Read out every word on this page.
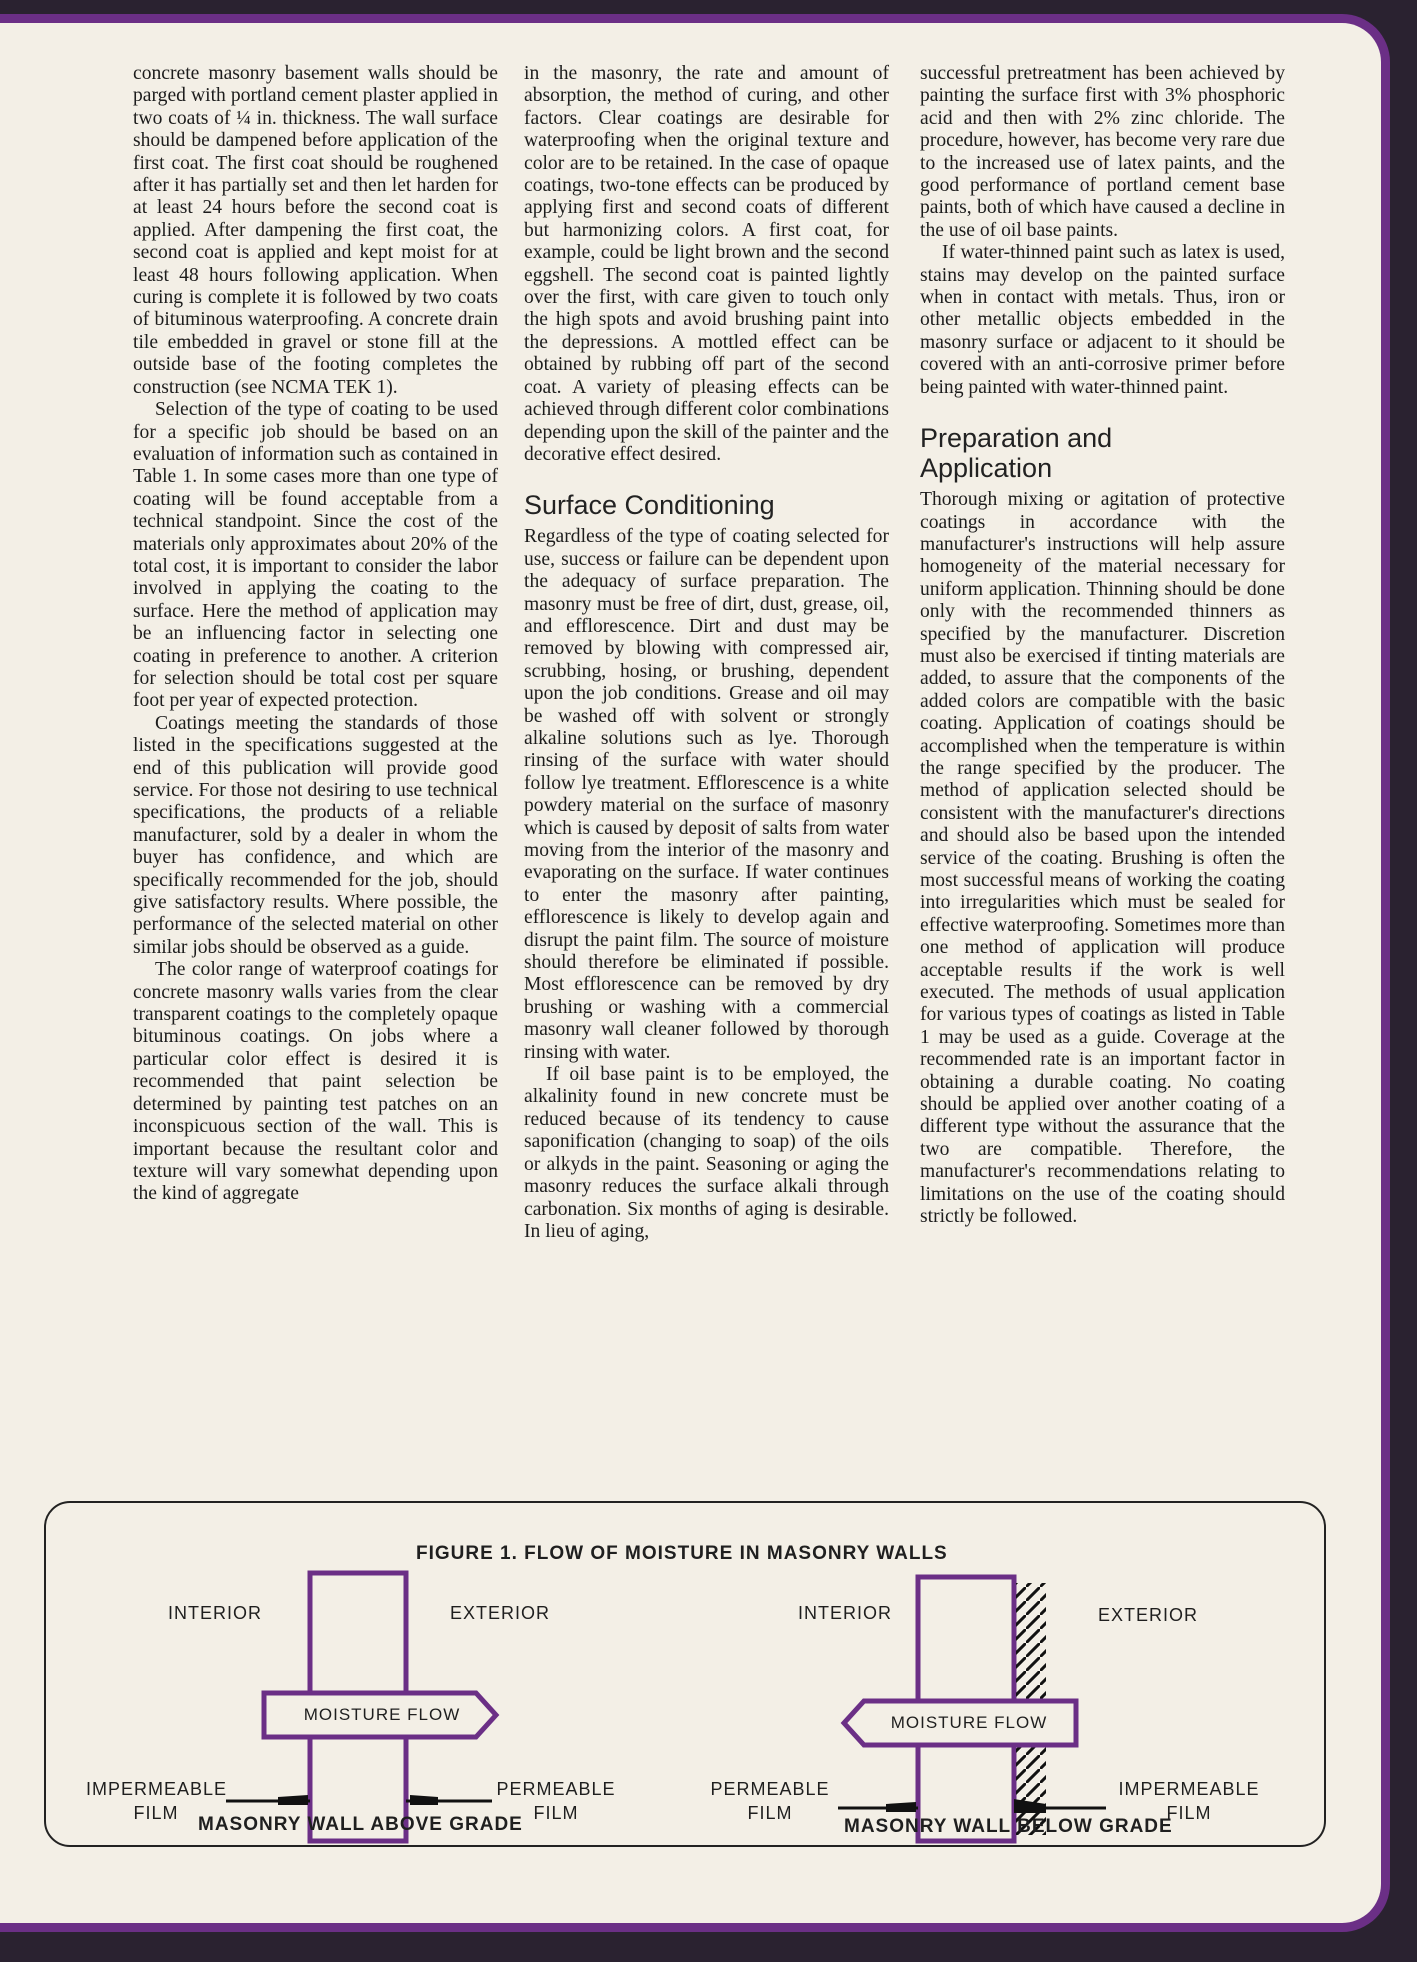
concrete masonry basement walls should be parged with portland cement plaster applied in two coats of ¼ in. thickness. The wall surface should be dampened before application of the first coat. The first coat should be roughened after it has partially set and then let harden for at least 24 hours before the second coat is applied. After dampening the first coat, the second coat is applied and kept moist for at least 48 hours following application. When curing is complete it is followed by two coats of bituminous waterproofing. A concrete drain tile embedded in gravel or stone fill at the outside base of the footing completes the construction (see NCMA TEK 1).

Selection of the type of coating to be used for a specific job should be based on an evaluation of information such as contained in Table 1. In some cases more than one type of coating will be found acceptable from a technical standpoint. Since the cost of the materials only approximates about 20% of the total cost, it is important to consider the labor involved in applying the coating to the surface. Here the method of application may be an influencing factor in selecting one coating in preference to another. A criterion for selection should be total cost per square foot per year of expected protection.

Coatings meeting the standards of those listed in the specifications suggested at the end of this publication will provide good service. For those not desiring to use technical specifications, the products of a reliable manufacturer, sold by a dealer in whom the buyer has confidence, and which are specifically recommended for the job, should give satisfactory results. Where possible, the performance of the selected material on other similar jobs should be observed as a guide.

The color range of waterproof coatings for concrete masonry walls varies from the clear transparent coatings to the completely opaque bituminous coatings. On jobs where a particular color effect is desired it is recommended that paint selection be determined by painting test patches on an inconspicuous section of the wall. This is important because the resultant color and texture will vary somewhat depending upon the kind of aggregate

in the masonry, the rate and amount of absorption, the method of curing, and other factors. Clear coatings are desirable for waterproofing when the original texture and color are to be retained. In the case of opaque coatings, two-tone effects can be produced by applying first and second coats of different but harmonizing colors. A first coat, for example, could be light brown and the second eggshell. The second coat is painted lightly over the first, with care given to touch only the high spots and avoid brushing paint into the depressions. A mottled effect can be obtained by rubbing off part of the second coat. A variety of pleasing effects can be achieved through different color combinations depending upon the skill of the painter and the decorative effect desired.

Surface Conditioning

Regardless of the type of coating selected for use, success or failure can be dependent upon the adequacy of surface preparation. The masonry must be free of dirt, dust, grease, oil, and efflorescence. Dirt and dust may be removed by blowing with compressed air, scrubbing, hosing, or brushing, dependent upon the job conditions. Grease and oil may be washed off with solvent or strongly alkaline solutions such as lye. Thorough rinsing of the surface with water should follow lye treatment. Efflorescence is a white powdery material on the surface of masonry which is caused by deposit of salts from water moving from the interior of the masonry and evaporating on the surface. If water continues to enter the masonry after painting, efflorescence is likely to develop again and disrupt the paint film. The source of moisture should therefore be eliminated if possible. Most efflorescence can be removed by dry brushing or washing with a commercial masonry wall cleaner followed by thorough rinsing with water.

If oil base paint is to be employed, the alkalinity found in new concrete must be reduced because of its tendency to cause saponification (changing to soap) of the oils or alkyds in the paint. Seasoning or aging the masonry reduces the surface alkali through carbonation. Six months of aging is desirable. In lieu of aging,

successful pretreatment has been achieved by painting the surface first with 3% phosphoric acid and then with 2% zinc chloride. The procedure, however, has become very rare due to the increased use of latex paints, and the good performance of portland cement base paints, both of which have caused a decline in the use of oil base paints.

If water-thinned paint such as latex is used, stains may develop on the painted surface when in contact with metals. Thus, iron or other metallic objects embedded in the masonry surface or adjacent to it should be covered with an anti-corrosive primer before being painted with water-thinned paint.

Preparation and Application

Thorough mixing or agitation of protective coatings in accordance with the manufacturer's instructions will help assure homogeneity of the material necessary for uniform application. Thinning should be done only with the recommended thinners as specified by the manufacturer. Discretion must also be exercised if tinting materials are added, to assure that the components of the added colors are compatible with the basic coating. Application of coatings should be accomplished when the temperature is within the range specified by the producer. The method of application selected should be consistent with the manufacturer's directions and should also be based upon the intended service of the coating. Brushing is often the most successful means of working the coating into irregularities which must be sealed for effective waterproofing. Sometimes more than one method of application will produce acceptable results if the work is well executed. The methods of usual application for various types of coatings as listed in Table 1 may be used as a guide. Coverage at the recommended rate is an important factor in obtaining a durable coating. No coating should be applied over another coating of a different type without the assurance that the two are compatible. Therefore, the manufacturer's recommendations relating to limitations on the use of the coating should strictly be followed.

FIGURE 1. FLOW OF MOISTURE IN MASONRY WALLS
INTERIOR	EXTERIOR
MOISTURE FLOW
IMPERMEABLE
FILM
PERMEABLE
FILM
MASONRY WALL ABOVE GRADE
INTERIOR	EXTERIOR
MOISTURE FLOW
PERMEABLE
FILM
IMPERMEABLE
FILM
MASONRY WALL BELOW GRADE
